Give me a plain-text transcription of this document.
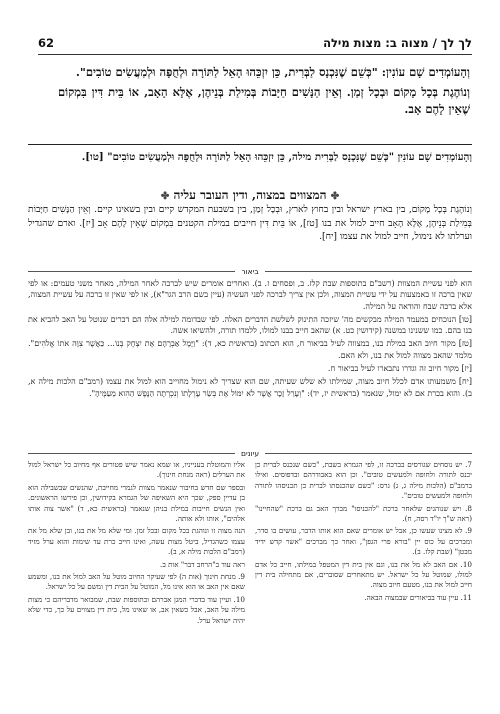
62	לך לך / מצוה ב: מצות מילה

וְהָעוֹמְדִים שָׁם עוֹנִין: "כְּשֵׁם שֶׁנִּכְנָס לַבְּרִית, כֵּן יִזְכֵּהוּ הָאֵל לַתּוֹרָה וּלְחֻפָּה וּלְמַעֲשִׂים טוֹבִים".

וְנוֹהֶגֶת בְּכָל מָקוֹם וּבְכָל זְמַן. וְאֵין הַנָּשִׁים חַיָּבוֹת בְּמִילַת בְּנֵיהֶן, אֶלָּא הָאָב, אוֹ בֵּית דִּין בִּמְקוֹם שֶׁאֵין לָהֶם אָב.

וְהָעוֹמְדִים שָׁם עוֹנִין "כְּשֵׁם שֶׁנִּכְנָס לַבְּרִית מילה, כֵּן יִזְכֵּהוּ הָאֵל לַתּוֹרָה וּלְחֻפָּה וּלְמַעֲשִׂים טוֹבִים" [טו].

✤ המצווים במצוה, ודין העובר עליה ✤

וְנוֹהֶגֶת בְּכָל מָקוֹם, בין בארץ ישראל ובין בחוץ לארץ, וּבְכָל זְמַן, בין בשבעת המקדש קיים ובין בשאינו קיים. וְאֵין הַנָּשִׁים חַיָּבוֹת בְּמִילַת בְּנֵיהֶן, אֶלָּא הָאָב חייב למול את בנו [טז], אוֹ בֵּית דִּין חייבים במילת הקטנים בִּמְקוֹם שֶׁאֵין לָהֶם אָב [יז]. וארם שהגדיל וערלתו לא נימול, חייב למול את עצמו [יח].

ביאור

הוא לפני עשיית המצוות (רשב"ם בתוספות שבת קלז. ב, ופסחים ז. ב). ואחרים אומרים שיש לברכה לאחר המילה, מאחר משני טעמים: או לפי שאין ברכה זו באמצעות על ידי עשיית המצוה, ולכן אין צריך לברכה לפני העשיה (עיין בשם הרב הגר"א), או לפי שאין זו ברכה על עשיית המצוה, אלא ברכה שבח והודאה על המילה.

[טו] הנוכחים במעמד המילה מבקשים מה' שיזכה התינוק לשלשת הדברים האלה. לפי שבדומה למילה אלה הם דברים שנוטל על האב להביא את בנו בהם. כמו ששנינו במשנה (קידושין כט. א) שהאב חייב בבנו למולו, ללמדו תורה, ולהשיאו אשה.

[טז] מקור חיוב האב במילת בנו, במצווה לעיל בביאור ח, הוא הכתוב (בראשית כא, ד): "וַיָּמָל אַבְרָהָם אֶת יִצְחָק בְּנוֹ... כַּאֲשֶׁר צִוָּה אֹתוֹ אֱלֹהִים". מלמד שהאב מצווה למול את בנו, ולא האם.

[יז] מקור חיוב זה וגדרו נתבארו לעיל בביאור ח.

[יח] משמעותו אדם לכלל חיוב מצוה, שמילתו לא שלש שעיתה, שם הוא שצריך לא נימול מחוייב הוא למול את עצמו (רמב"ם הלכות מילה א, ב). והוא בכרת אם לא ימול, שנאמר (בראשית יז, יד): "וְעָרֵל זָכָר אֲשֶׁר לֹא יִמּוֹל אֶת בְּשַׂר עָרְלָתוֹ וְנִכְרְתָה הַנֶּפֶשׁ הַהִוא מֵעַמֶּיהָ".

עיונים

7. יש נוסחים שגורסים בברכה זו, לפי הגמרא בשבת, "כשם שנכנס לברית כן יכנס לתורה ולחופה ולמעשים טובים". וכן הוא באבודרהם ובדפוסים. ואילו ברמב"ם (הלכות מילה ג, ג) גרס: "כשם שהכנסתו לברית כן תכניסהו לתורה ולחופה ולמעשים טובים".

8. ויש שנוהגים שלאחר ברכת "להכניסו" מברך האב גם ברכת "שהחיינו" (ראה ש"ך יו"ד רסה, ח).

9. לא מצינו שעשו כן, אבל יש אומרים שאם הוא אותו הדבר, עושים בו סדר, ומברכים על כוס יין "בורא פרי הגפן", ואחר כך מברכים "אשר קדש ידיד מבטן" (שבת קלז. ב).

10. אם האב לא מל את בנו, וגם אין בית דין המטפל במילתו, חייב כל אדם למולו, שמוטל על כל ישראל. יש מתאחרים שסוברים, אם מתחילה בית דין חייב למול את בנו, מטעם חיוב מצוה.

11. עיין עוד בביאורים שבמצוה הבאה.

אליו והמוטלת בענייניו, או שמא נאמר שיש פטורים אף מחיוב כל ישראל למול את הערלים (ראה מנחת חינוך).

ובספר שם חדש בחיבור שנאמר מצוות לגמרי מחייבת, שהנשים שבשבילה הוא בן עדיין ספק, שכך היא השאיפה של הגמרא בקידושין, וכן פירשו הראשונים. ואין הנשים חייבות במילת בניהן שנאמר (בראשית כא, ד) "אשר צוה אותו אלהים", אותו ולא אותה.

הנה מצוה זו ונוהגת בכל מקום ובכל זמן. ומי שלא מל את בנו, ובן שלא מל את עצמו כשהגדיל, ביטל מצות עשה, ואינו חייב כרת עד שימות והוא ערל מזיד (רמב"ם הלכות מילה א, ב).

ראה עוד ב"הרחב דבר" אות ב.

9. מנחת חינוך (אות ה) לפי שעיקר החיוב מוטל על האב למול את בנו, ומשמע שאם אין האב או הוא אינו מל, המוטל על הבית דין ומשם על כל ישראל.

10. ועיין עוד בדברי המגן אברהם ובתוספות שבת, שמבואר מדבריהם כי מצות מילה על האב, אבל כשאין אב, או שאינו מל, בית דין מצווים על כך, כדי שלא יהיה ישראל ערל.
